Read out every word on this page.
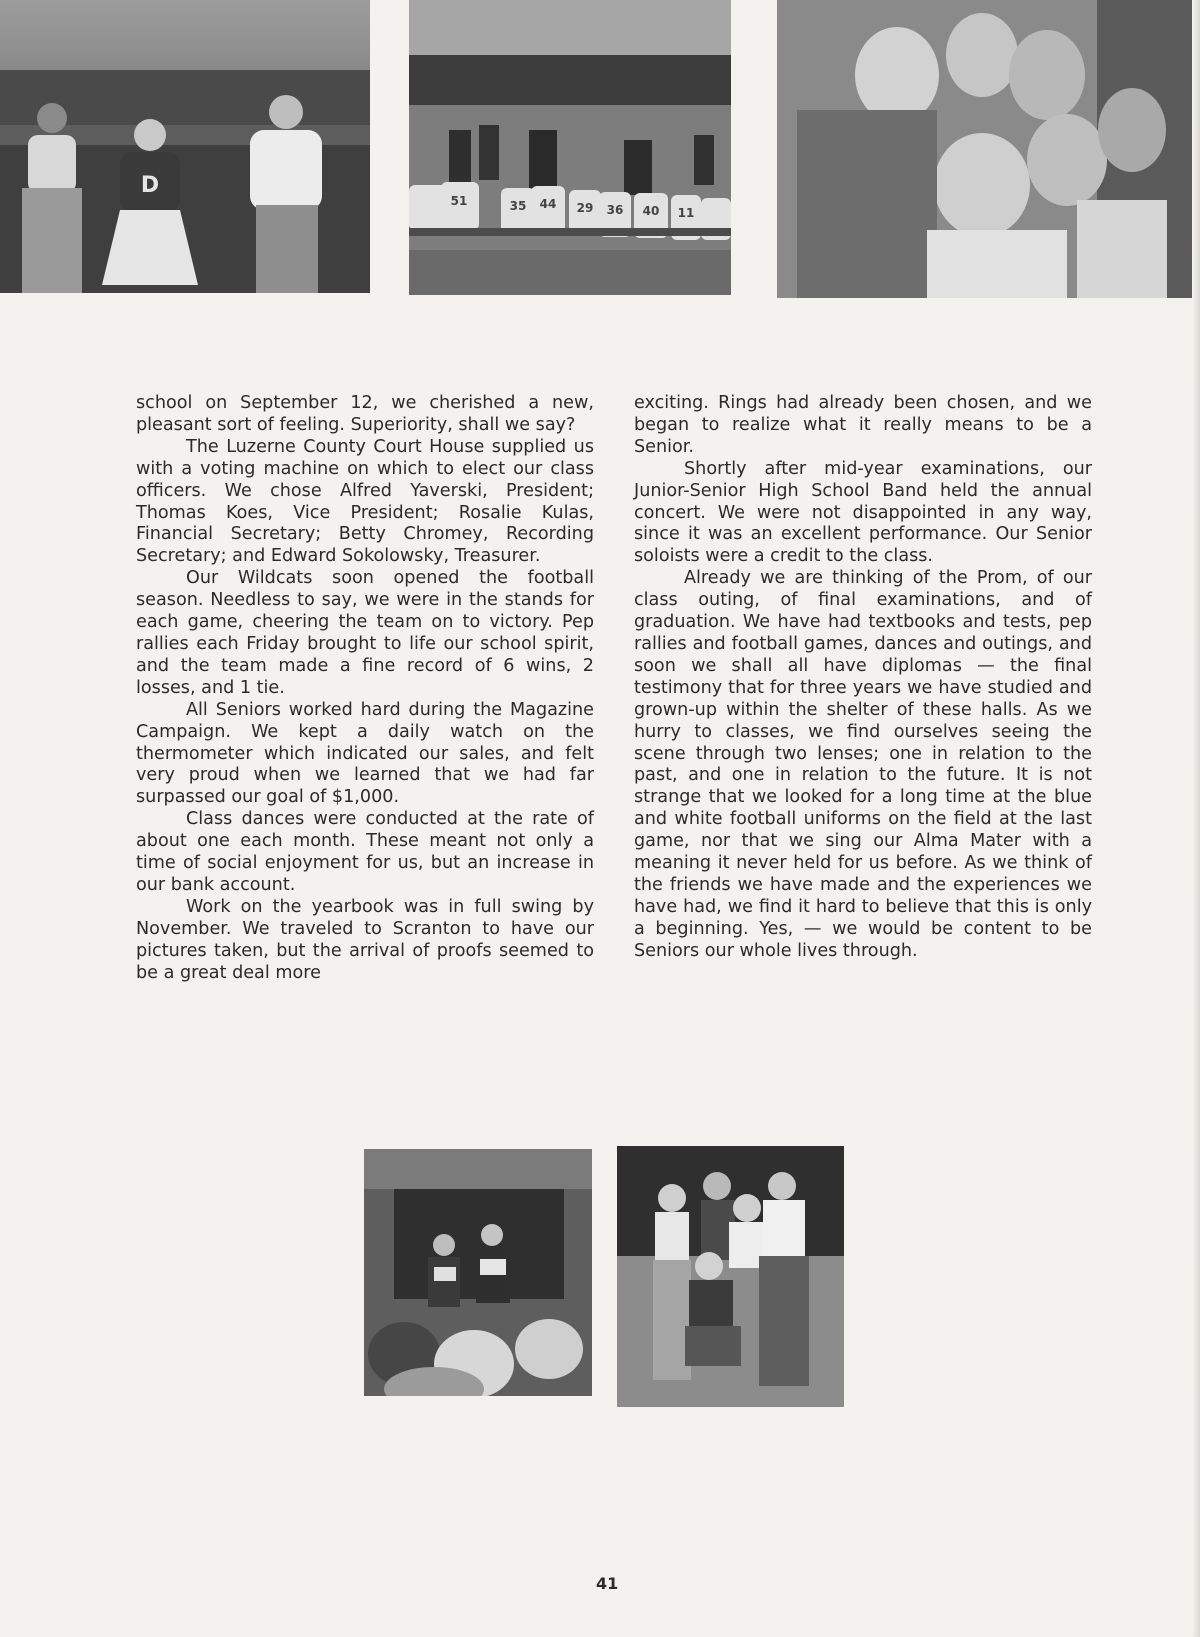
D
51	35 44 29 36 40 11

school on September 12, we cherished a new, pleasant sort of feeling. Superiority, shall we say?

The Luzerne County Court House supplied us with a voting machine on which to elect our class officers. We chose Alfred Yaverski, President; Thomas Koes, Vice President; Rosalie Kulas, Financial Secretary; Betty Chromey, Recording Secretary; and Edward Sokolowsky, Treasurer.

Our Wildcats soon opened the football season. Needless to say, we were in the stands for each game, cheering the team on to victory. Pep rallies each Friday brought to life our school spirit, and the team made a fine record of 6 wins, 2 losses, and 1 tie.

All Seniors worked hard during the Magazine Campaign. We kept a daily watch on the thermometer which indicated our sales, and felt very proud when we learned that we had far surpassed our goal of $1,000.

Class dances were conducted at the rate of about one each month. These meant not only a time of social enjoyment for us, but an increase in our bank account.

Work on the yearbook was in full swing by November. We traveled to Scranton to have our pictures taken, but the arrival of proofs seemed to be a great deal more

exciting. Rings had already been chosen, and we began to realize what it really means to be a Senior.

Shortly after mid-year examinations, our Junior-Senior High School Band held the annual concert. We were not disappointed in any way, since it was an excellent performance. Our Senior soloists were a credit to the class.

Already we are thinking of the Prom, of our class outing, of final examinations, and of graduation. We have had textbooks and tests, pep rallies and football games, dances and outings, and soon we shall all have diplomas — the final testimony that for three years we have studied and grown-up within the shelter of these halls. As we hurry to classes, we find ourselves seeing the scene through two lenses; one in relation to the past, and one in relation to the future. It is not strange that we looked for a long time at the blue and white football uniforms on the field at the last game, nor that we sing our Alma Mater with a meaning it never held for us before. As we think of the friends we have made and the experiences we have had, we find it hard to believe that this is only a beginning. Yes, — we would be content to be Seniors our whole lives through.

41
